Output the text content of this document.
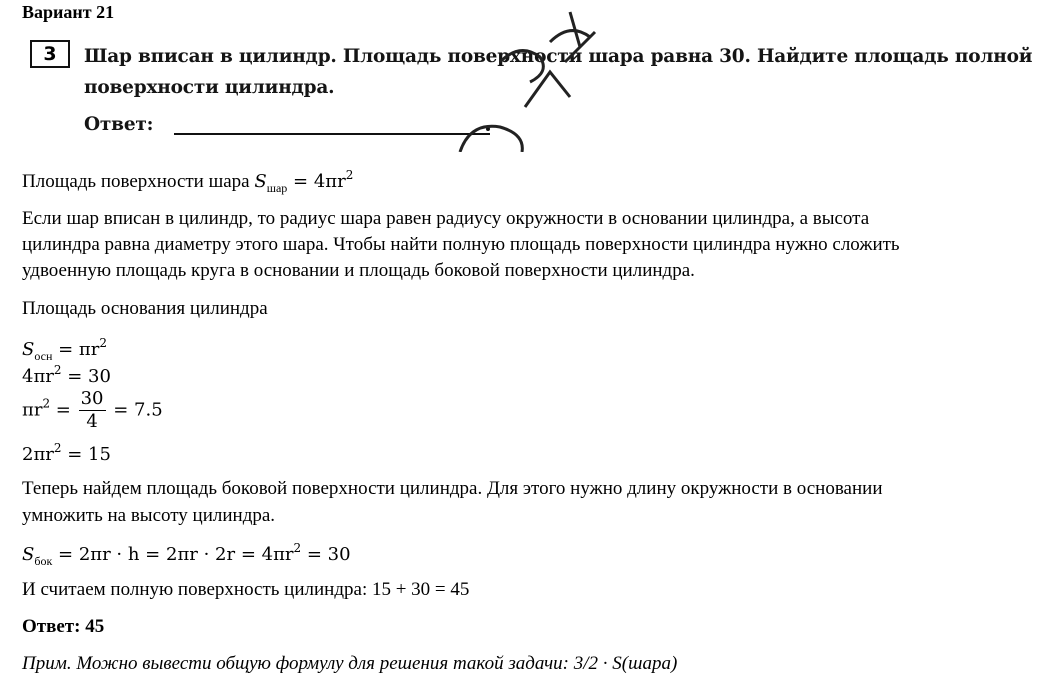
Вариант 21
3	Шар вписан в цилиндр. Площадь поверхности шара равна 30. Найдите площадь полной
поверхности цилиндра.
Ответ:
Площадь поверхности шара $S_{шар} = 4\pi r^2$
Если шар вписан в цилиндр, то радиус шара равен радиусу окружности в основании цилиндра, а высота
цилиндра равна диаметру этого шара. Чтобы найти полную площадь поверхности цилиндра нужно сложить
удвоенную площадь круга в основании и площадь боковой поверхности цилиндра.
Площадь основания цилиндра
$S_{осн} = \pi r^2$
$4\pi r^2 = 30$
$\pi r^2 = \frac{30}{4} = 7.5$
$2\pi r^2 = 15$
Теперь найдем площадь боковой поверхности цилиндра. Для этого нужно длину окружности в основании
умножить на высоту цилиндра.
$S_{бок} = 2\pi r \cdot h = 2\pi r \cdot 2r = 4\pi r^2 = 30$
И считаем полную поверхность цилиндра: 15 + 30 = 45
Ответ: 45
Прим. Можно вывести общую формулу для решения такой задачи: 3/2 · S(шара)
